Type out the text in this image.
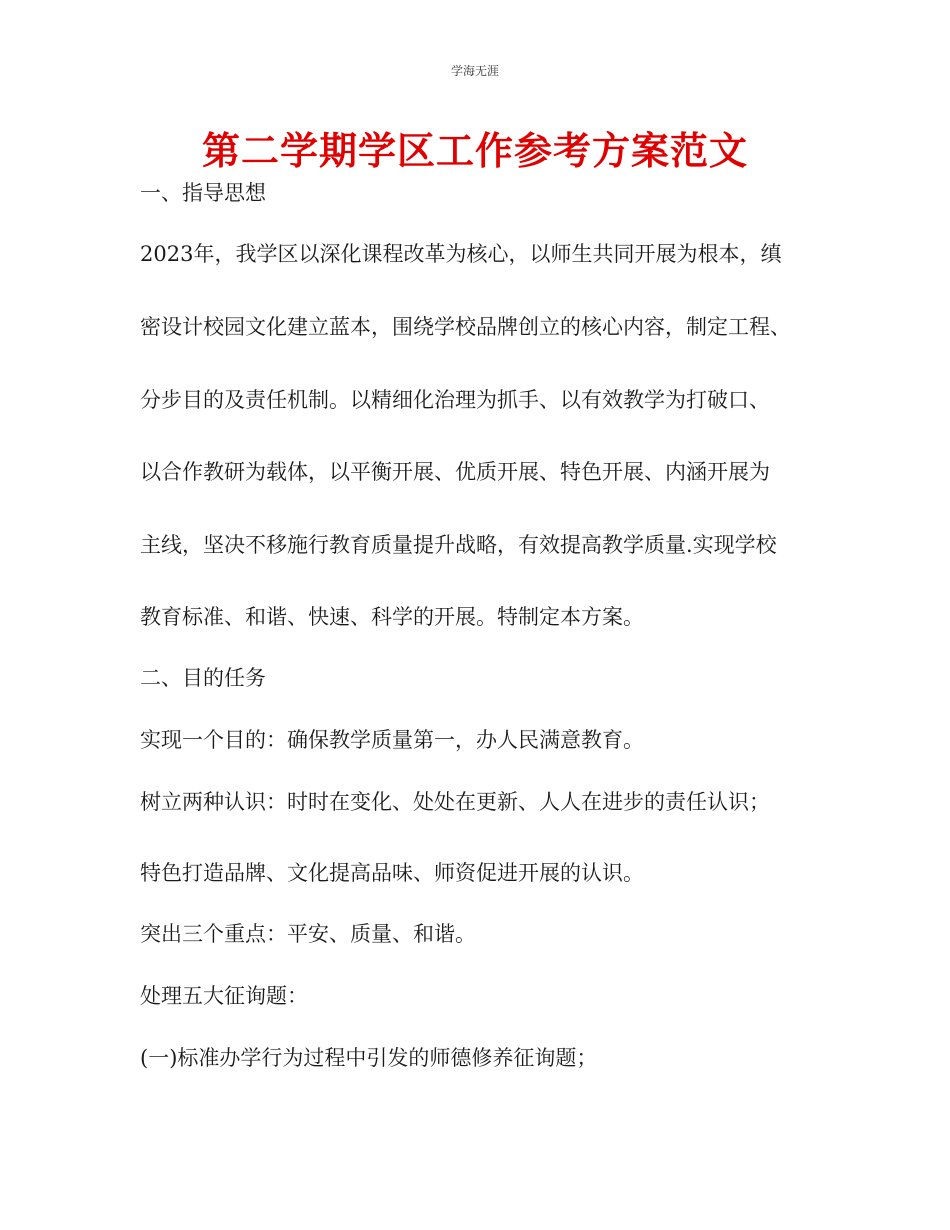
学海无涯
第二学期学区工作参考方案范文
一、指导思想
2023年，我学区以深化课程改革为核心，以师生共同开展为根本，缜
密设计校园文化建立蓝本，围绕学校品牌创立的核心内容，制定工程、
分步目的及责任机制。以精细化治理为抓手、以有效教学为打破口、
以合作教研为载体，以平衡开展、优质开展、特色开展、内涵开展为
主线，坚决不移施行教育质量提升战略，有效提高教学质量.实现学校
教育标准、和谐、快速、科学的开展。特制定本方案。
二、目的任务
实现一个目的：确保教学质量第一，办人民满意教育。
树立两种认识：时时在变化、处处在更新、人人在进步的责任认识；
特色打造品牌、文化提高品味、师资促进开展的认识。
突出三个重点：平安、质量、和谐。
处理五大征询题：
(一)标准办学行为过程中引发的师德修养征询题；
